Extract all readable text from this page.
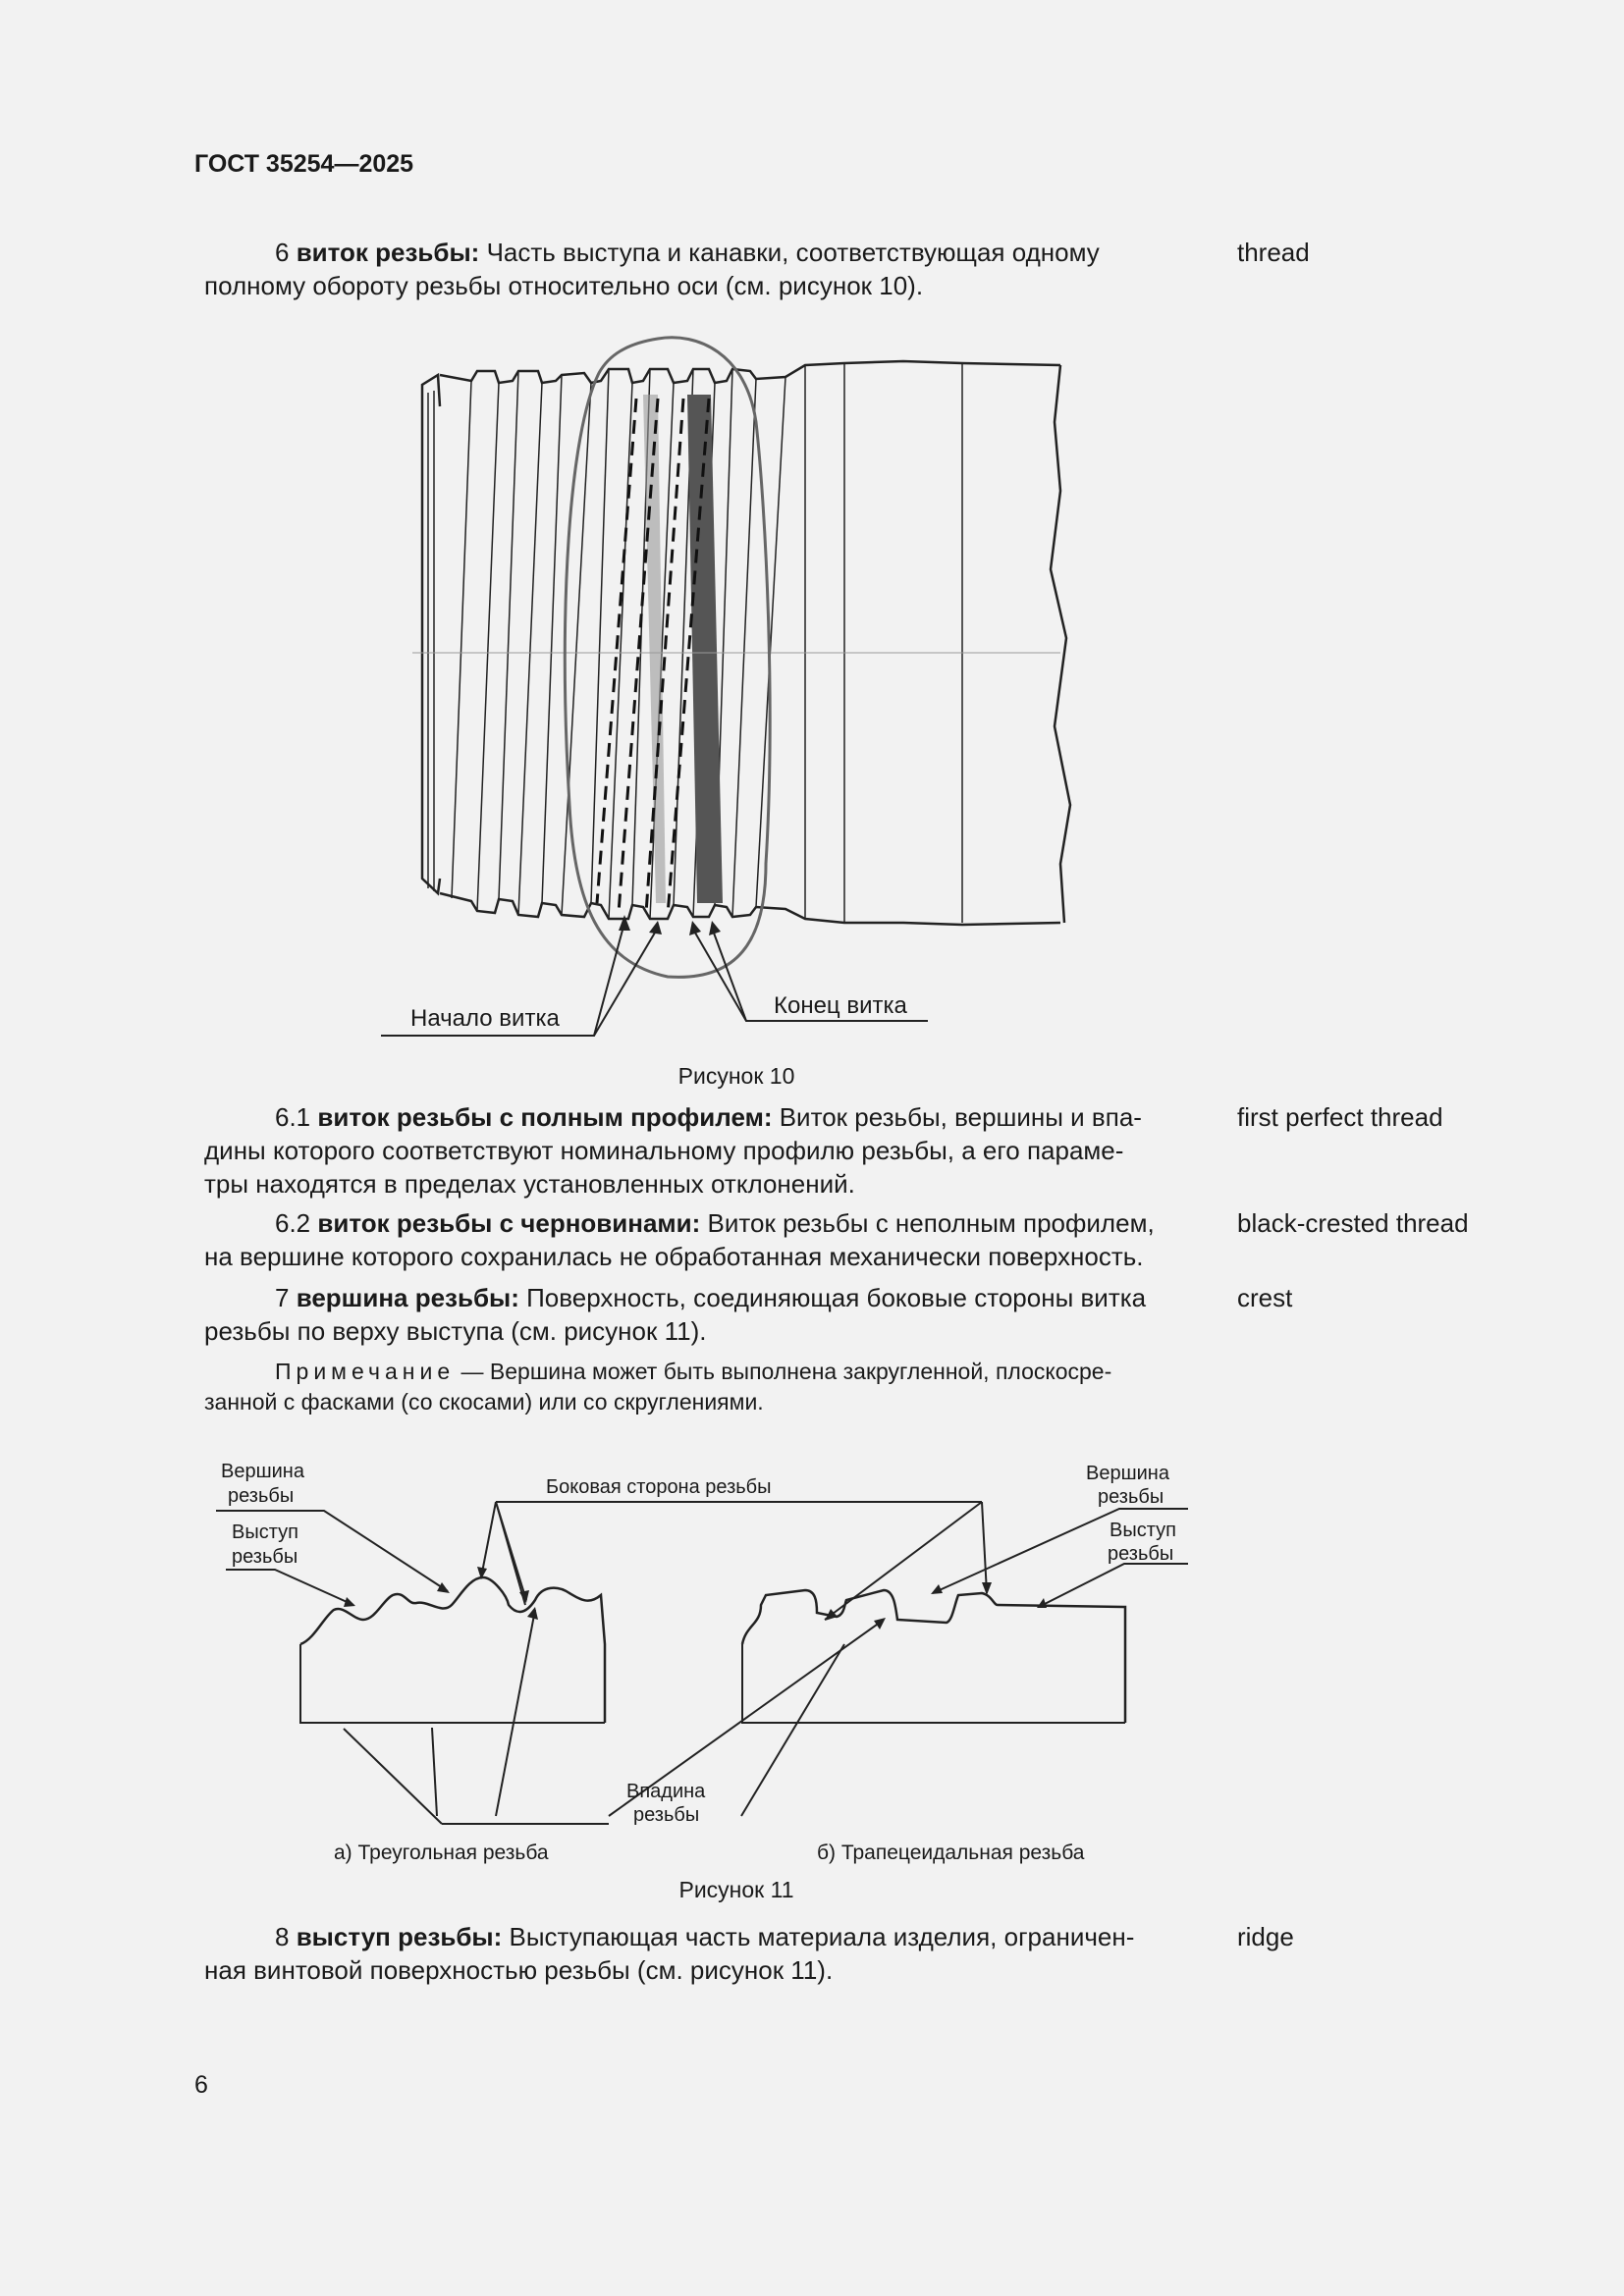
ГОСТ 35254—2025

6 виток резьбы: Часть выступа и канавки, соответствующая одному

полному обороту резьбы относительно оси (см. рисунок 10).

thread
Начало витка	Конец витка
Рисунок 10

6.1 виток резьбы с полным профилем: Виток резьбы, вершины и впа-

дины которого соответствуют номинальному профилю резьбы, а его параме-

тры находятся в пределах установленных отклонений.

first perfect thread

6.2 виток резьбы с черновинами: Виток резьбы с неполным профилем,

на вершине которого сохранилась не обработанная механически поверхность.

black-crested thread

7 вершина резьбы: Поверхность, соединяющая боковые стороны витка

резьбы по верху выступа (см. рисунок 11).

crest

Примечание — Вершина может быть выполнена закругленной, плоскосре-

занной с фасками (со скосами) или со скруглениями.

Вершина
резьбы
Выступ
резьбы
Боковая сторона резьбы
Впадина
резьбы
Вершина
резьбы
Выступ
резьбы
а) Треугольная резьба	б) Трапецеидальная резьба
Рисунок 11

8 выступ резьбы: Выступающая часть материала изделия, ограничен-

ная винтовой поверхностью резьбы (см. рисунок 11).

ridge
6
